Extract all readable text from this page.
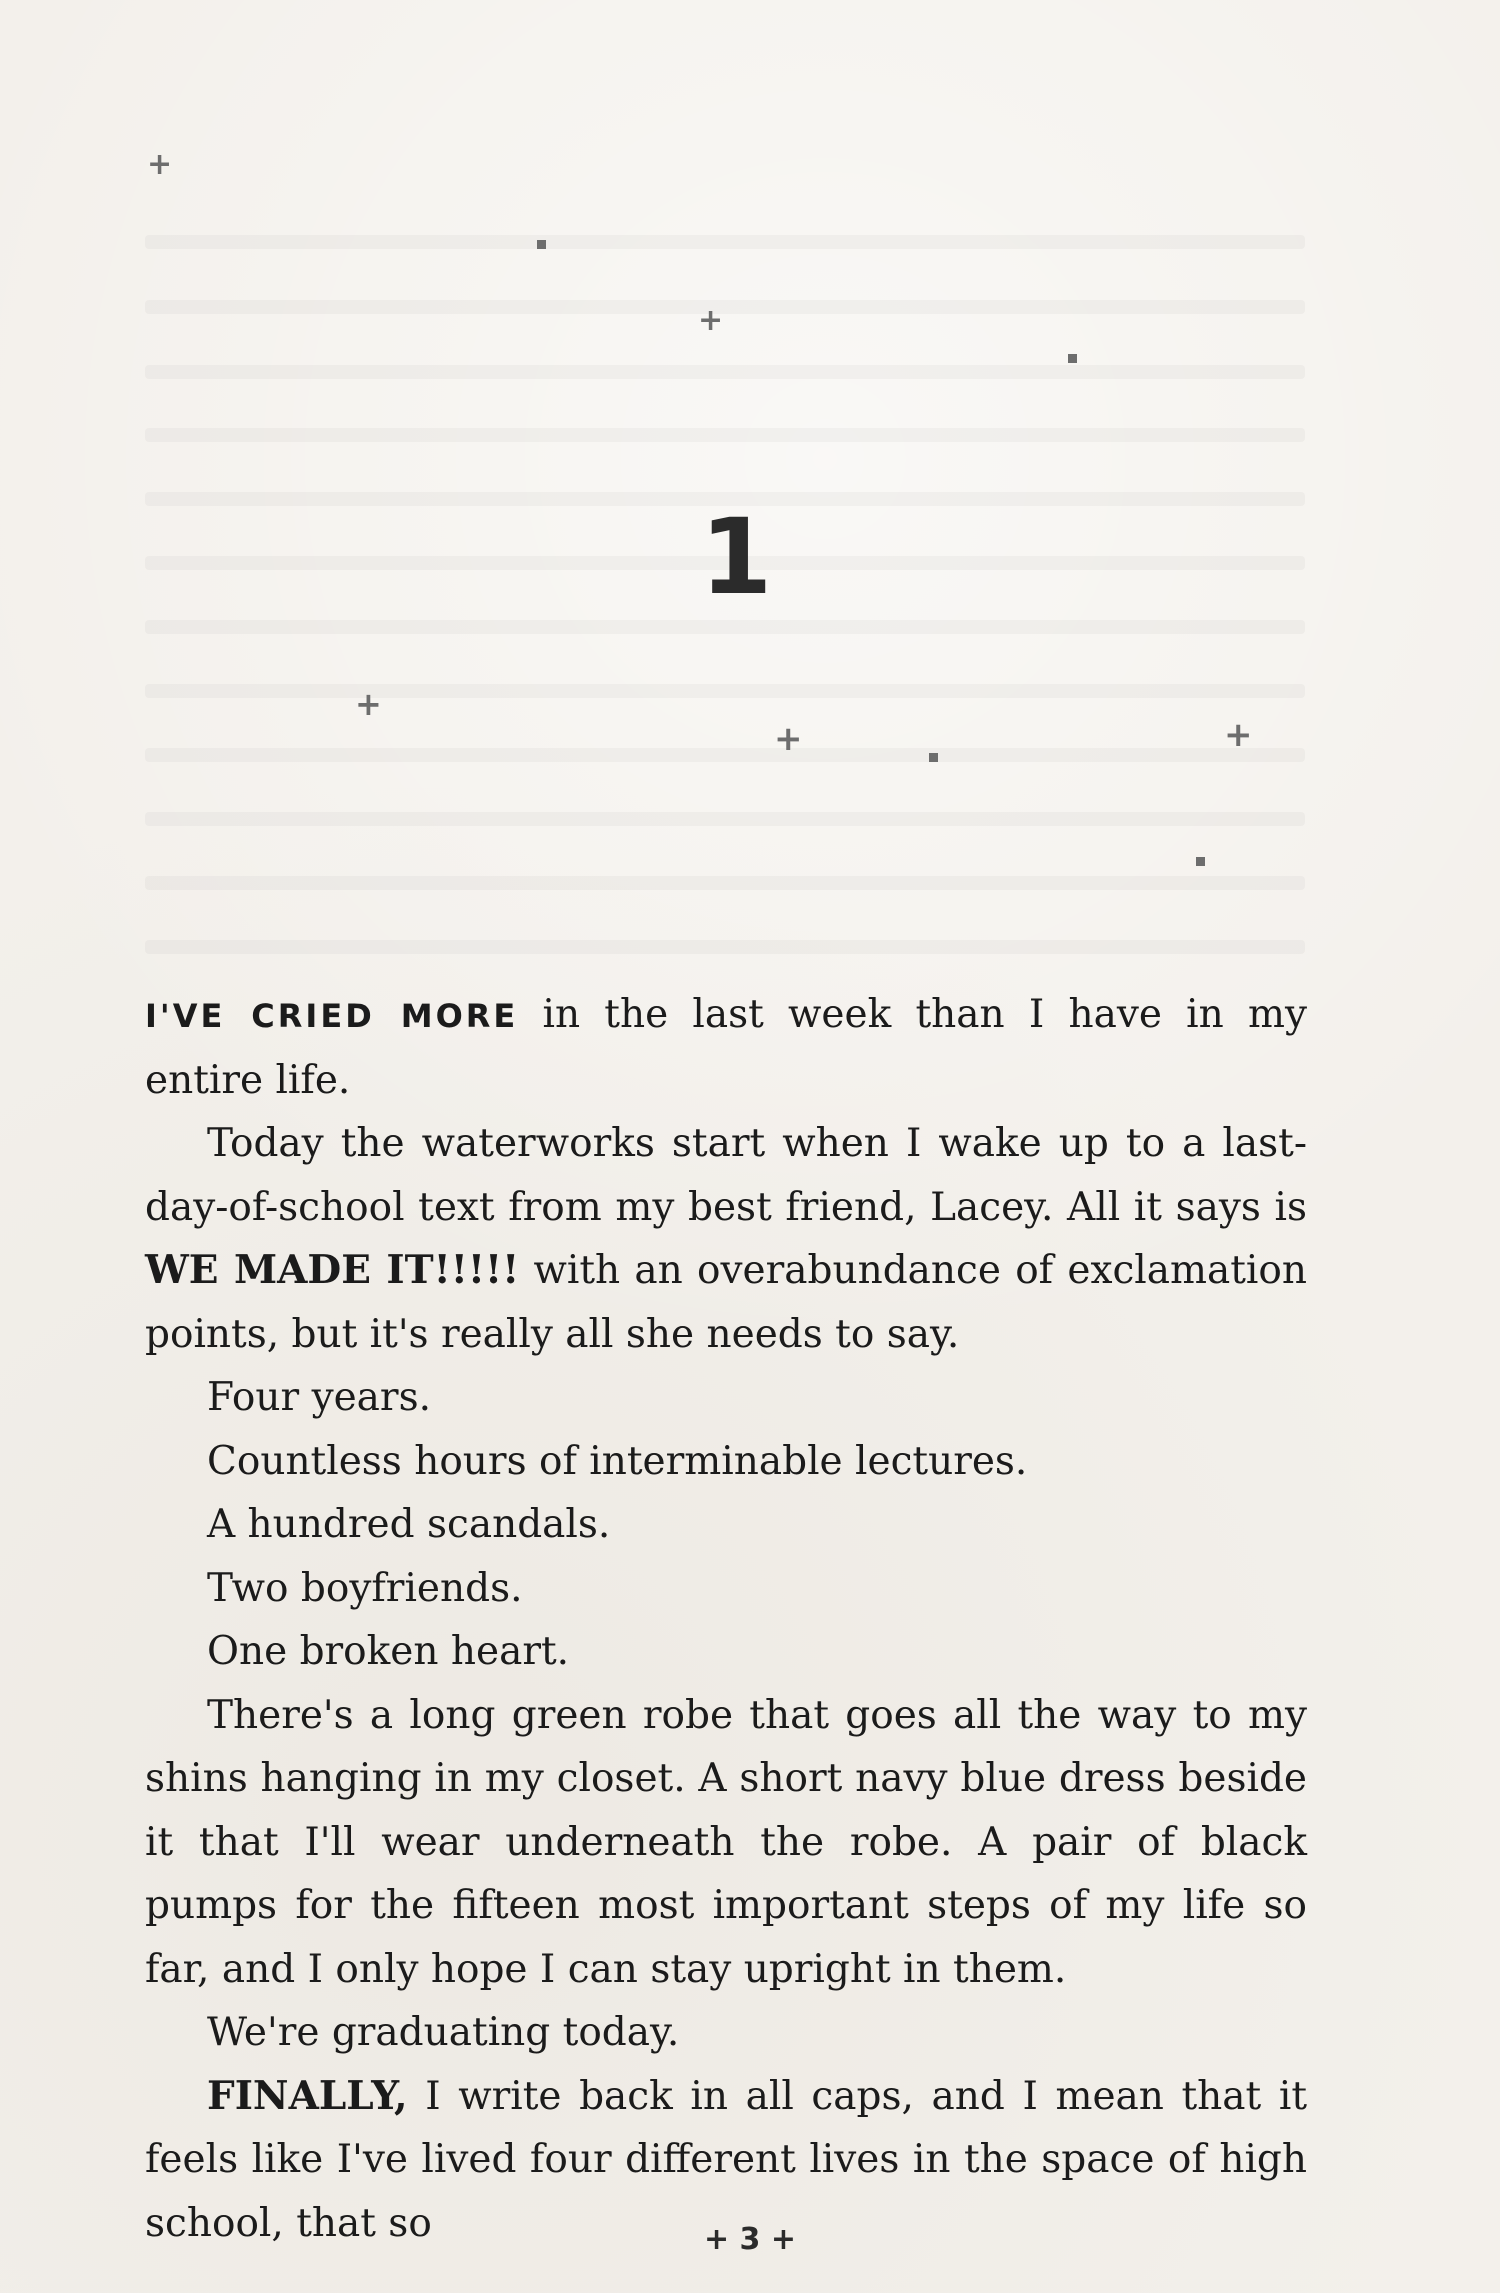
+
+
+
+	+
1

I'VE CRIED MORE in the last week than I have in my entire life.

Today the waterworks start when I wake up to a last-day-of-school text from my best friend, Lacey. All it says is WE MADE IT!!!!! with an overabundance of exclamation points, but it's really all she needs to say.

Four years.

Countless hours of interminable lectures.

A hundred scandals.

Two boyfriends.

One broken heart.

There's a long green robe that goes all the way to my shins hanging in my closet. A short navy blue dress beside it that I'll wear underneath the robe. A pair of black pumps for the fifteen most important steps of my life so far, and I only hope I can stay upright in them.

We're graduating today.

FINALLY, I write back in all caps, and I mean that it feels like I've lived four different lives in the space of high school, that so	+ 3 +
